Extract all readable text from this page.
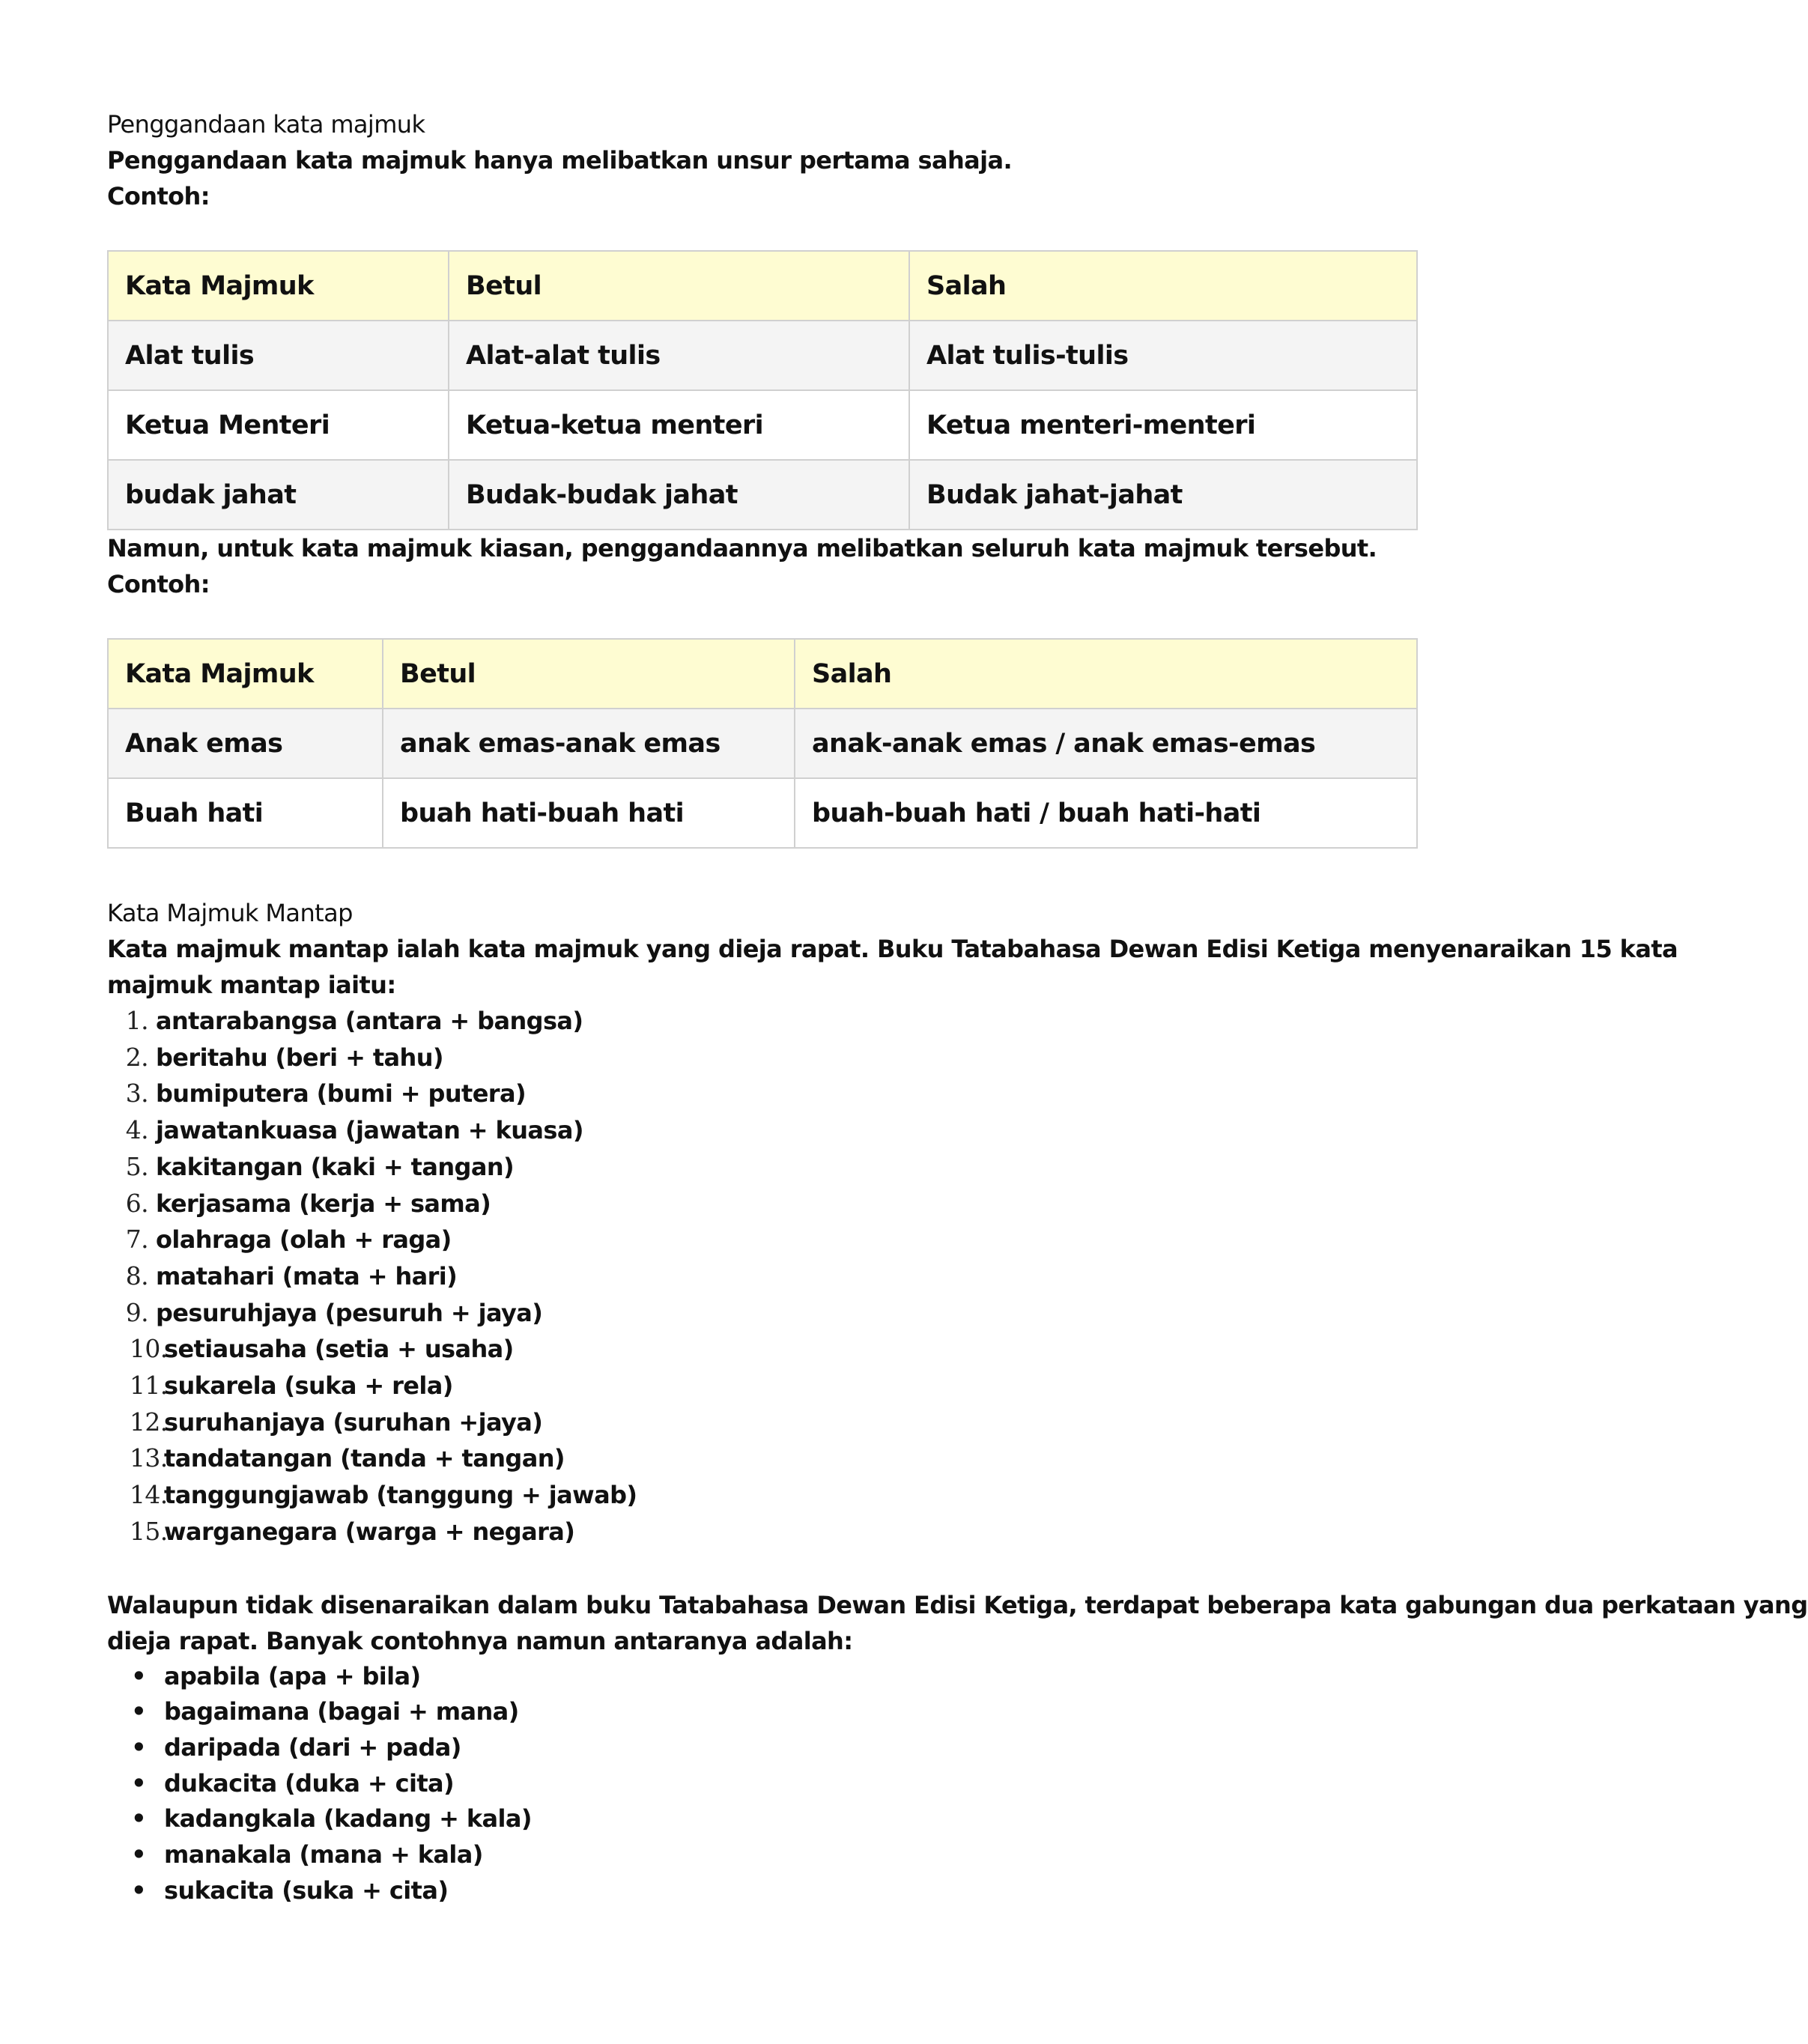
Penggandaan kata majmuk
Penggandaan kata majmuk hanya melibatkan unsur pertama sahaja.
Contoh:
Kata Majmuk	Betul	Salah
Alat tulis	Alat-alat tulis	Alat tulis-tulis
Ketua Menteri	Ketua-ketua menteri	Ketua menteri-menteri
budak jahat	Budak-budak jahat	Budak jahat-jahat
Namun, untuk kata majmuk kiasan, penggandaannya melibatkan seluruh kata majmuk tersebut.
Contoh:
Kata Majmuk	Betul	Salah
Anak emas	anak emas-anak emas	anak-anak emas / anak emas-emas
Buah hati	buah hati-buah hati	buah-buah hati / buah hati-hati
Kata Majmuk Mantap
Kata majmuk mantap ialah kata majmuk yang dieja rapat. Buku Tatabahasa Dewan Edisi Ketiga menyenaraikan 15 kata
majmuk mantap iaitu:
1. antarabangsa (antara + bangsa)
2. beritahu (beri + tahu)
3. bumiputera (bumi + putera)
4. jawatankuasa (jawatan + kuasa)
5. kakitangan (kaki + tangan)
6. kerjasama (kerja + sama)
7. olahraga (olah + raga)
8. matahari (mata + hari)
9. pesuruhjaya (pesuruh + jaya)
10.
setiausaha (setia + usaha)
11.
sukarela (suka + rela)
12.
suruhanjaya (suruhan +jaya)
13.
tandatangan (tanda + tangan)
14.
tanggungjawab (tanggung + jawab)
15.
warganegara (warga + negara)
Walaupun tidak disenaraikan dalam buku Tatabahasa Dewan Edisi Ketiga, terdapat beberapa kata gabungan dua perkataan yang
dieja rapat. Banyak contohnya namun antaranya adalah:
• apabila (apa + bila)
• bagaimana (bagai + mana)
• daripada (dari + pada)
• dukacita (duka + cita)
• kadangkala (kadang + kala)
• manakala (mana + kala)
• sukacita (suka + cita)
